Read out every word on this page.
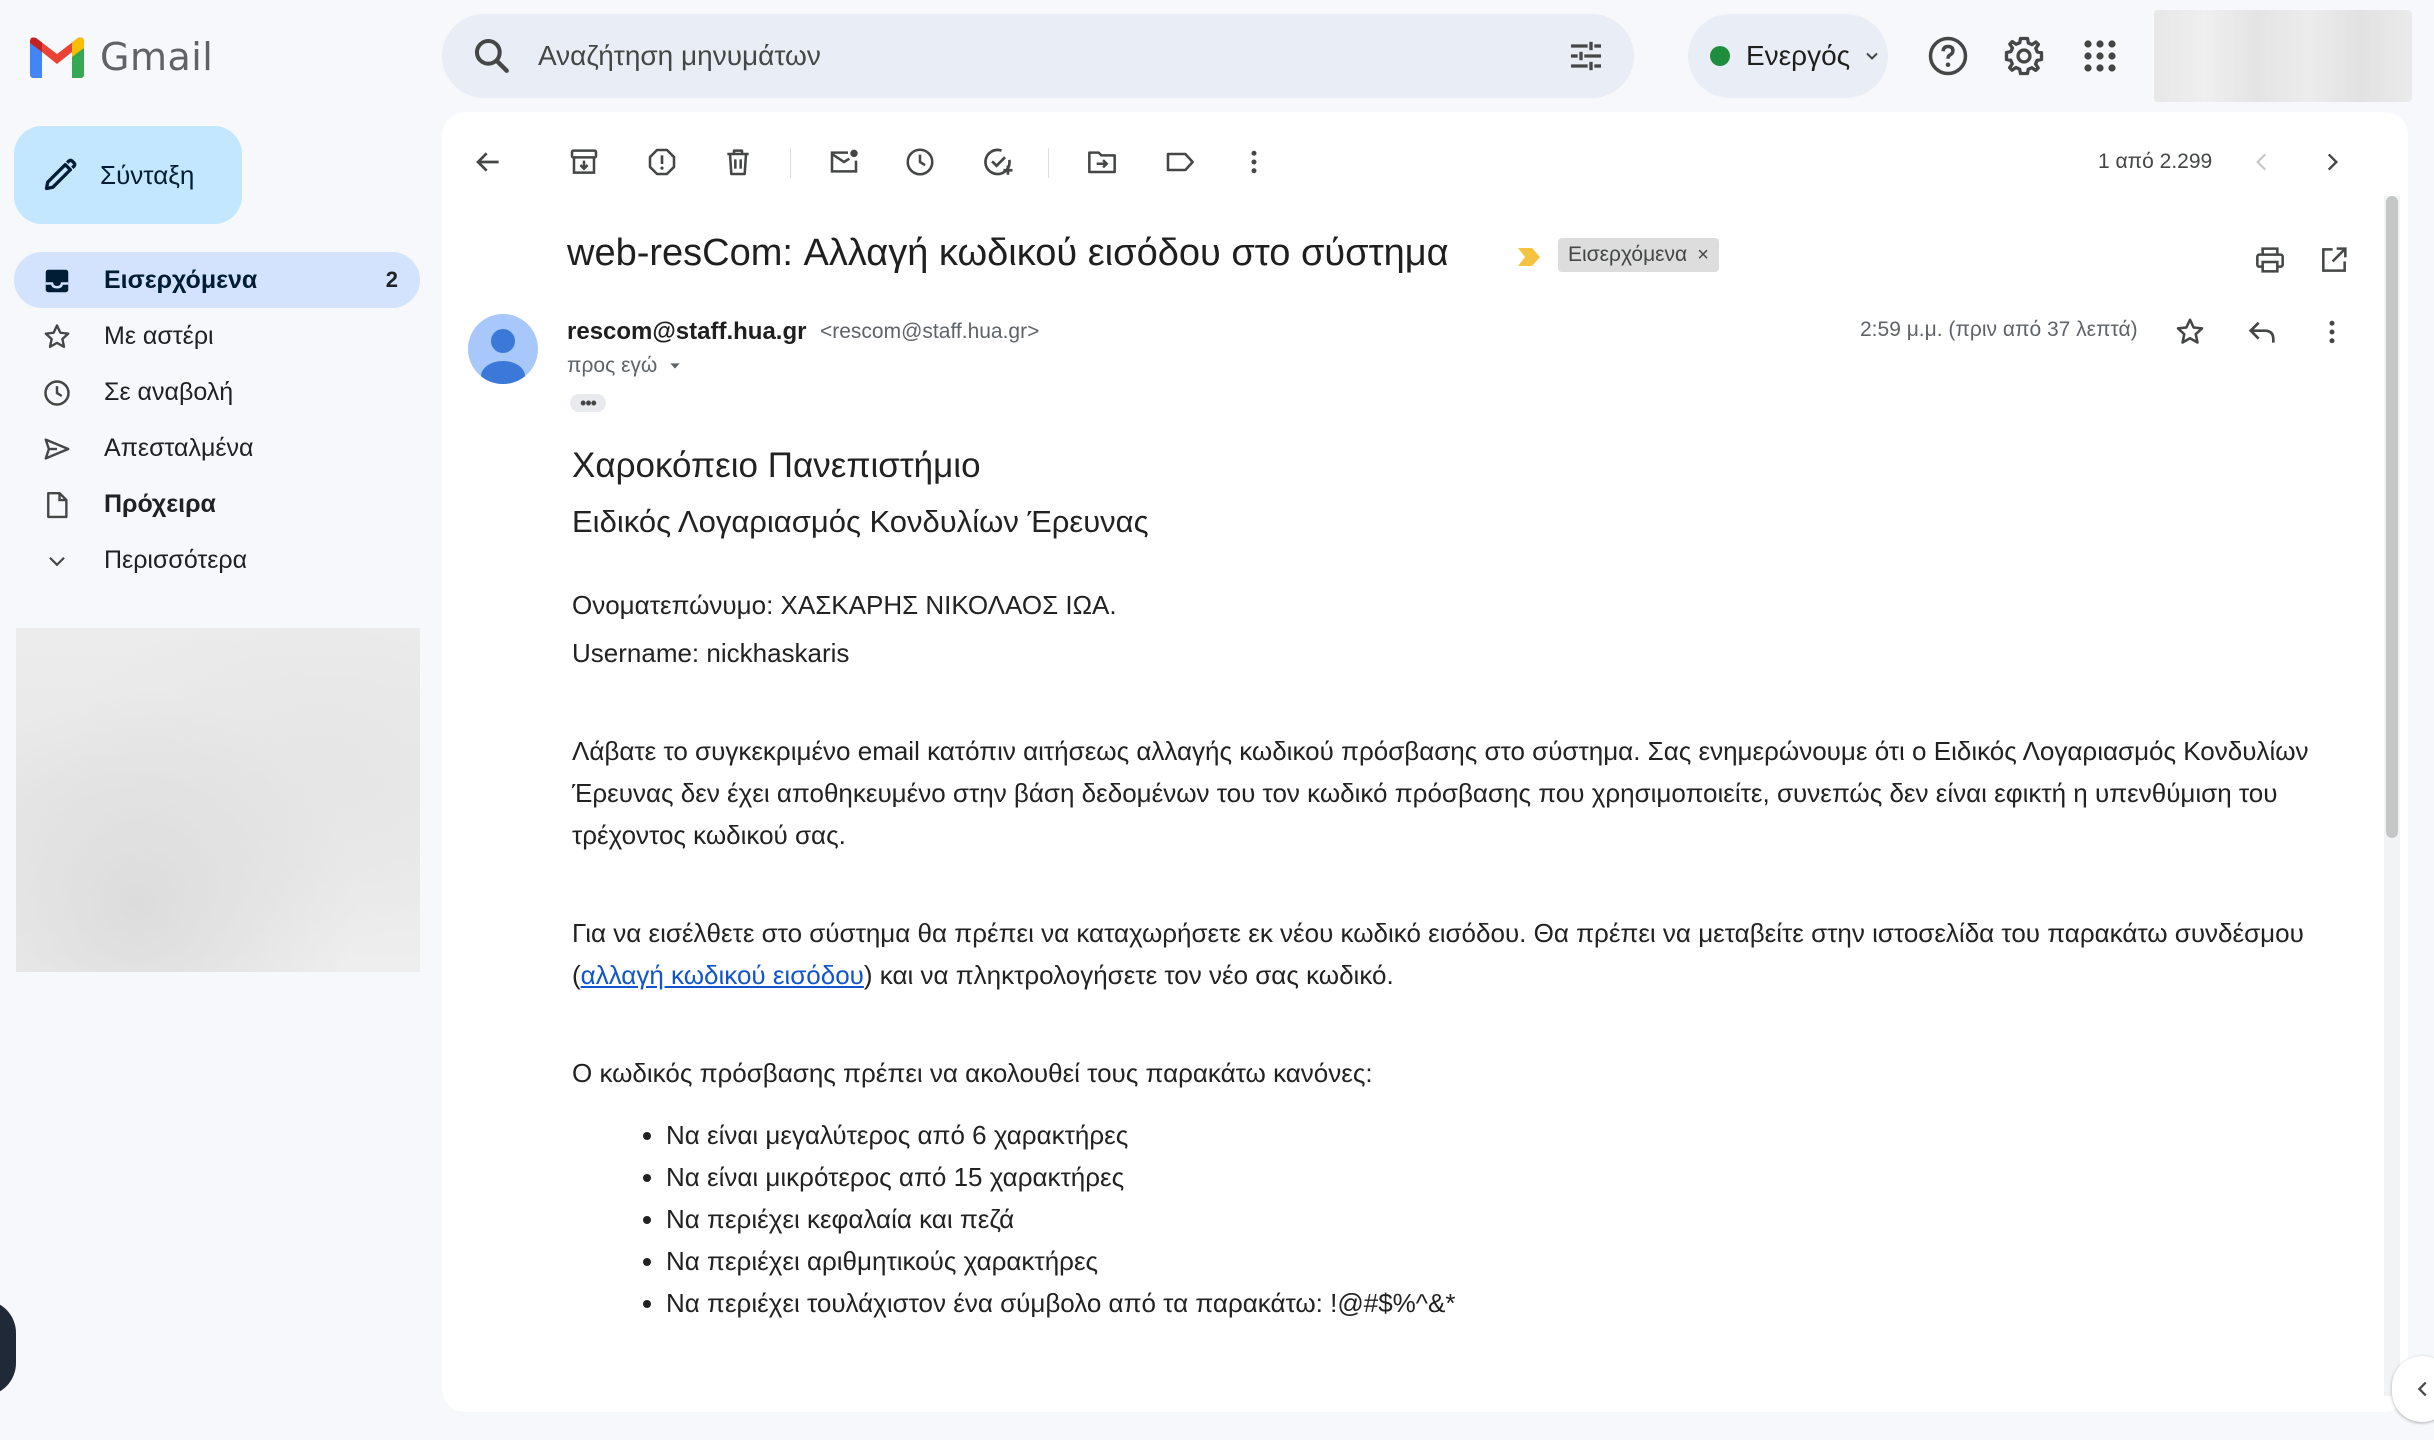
Gmail	Αναζήτηση μηνυμάτων	Ενεργός
Σύνταξη
Εισερχόμενα	2
Με αστέρι
Σε αναβολή
Απεσταλμένα
Πρόχειρα
Περισσότερα
1 από 2.299
web-resCom: Αλλαγή κωδικού εισόδου στο σύστημα	Εισερχόμενα ×
rescom@staff.hua.gr <rescom@staff.hua.gr>
προς εγώ
•••
2:59 μ.μ. (πριν από 37 λεπτά)

Χαροκόπειο Πανεπιστήμιο

Ειδικός Λογαριασμός Κονδυλίων Έρευνας

Ονοματεπώνυμο: ΧΑΣΚΑΡΗΣ ΝΙΚΟΛΑΟΣ ΙΩΑ.

Username: nickhaskaris

Λάβατε το συγκεκριμένο email κατόπιν αιτήσεως αλλαγής κωδικού πρόσβασης στο σύστημα. Σας ενημερώνουμε ότι ο Ειδικός Λογαριασμός Κονδυλίων Έρευνας δεν έχει αποθηκευμένο στην βάση δεδομένων του τον κωδικό πρόσβασης που χρησιμοποιείτε, συνεπώς δεν είναι εφικτή η υπενθύμιση του τρέχοντος κωδικού σας.

Για να εισέλθετε στο σύστημα θα πρέπει να καταχωρήσετε εκ νέου κωδικό εισόδου. Θα πρέπει να μεταβείτε στην ιστοσελίδα του παρακάτω συνδέσμου (αλλαγή κωδικού εισόδου) και να πληκτρολογήσετε τον νέο σας κωδικό.

Ο κωδικός πρόσβασης πρέπει να ακολουθεί τους παρακάτω κανόνες:

• Να είναι μεγαλύτερος από 6 χαρακτήρες
• Να είναι μικρότερος από 15 χαρακτήρες
• Να περιέχει κεφαλαία και πεζά
• Να περιέχει αριθμητικούς χαρακτήρες
• Να περιέχει τουλάχιστον ένα σύμβολο από τα παρακάτω: !@#$%^&*
